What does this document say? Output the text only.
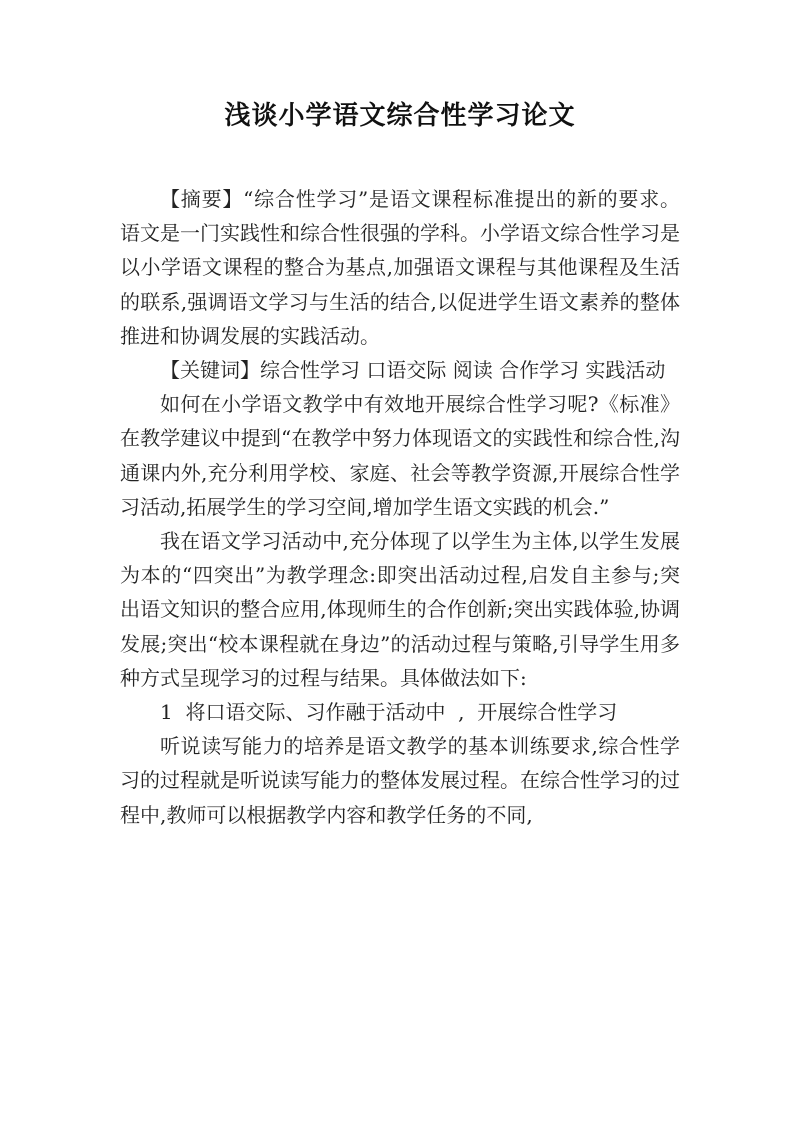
浅谈小学语文综合性学习论文

【摘要】“综合性学习”是语文课程标准提出的新的要求。语文是一门实践性和综合性很强的学科。小学语文综合性学习是以小学语文课程的整合为基点,加强语文课程与其他课程及生活的联系,强调语文学习与生活的结合,以促进学生语文素养的整体推进和协调发展的实践活动。

【关键词】综合性学习 口语交际 阅读 合作学习 实践活动

如何在小学语文教学中有效地开展综合性学习呢?《标准》在教学建议中提到“在教学中努力体现语文的实践性和综合性,沟通课内外,充分利用学校、家庭、社会等教学资源,开展综合性学习活动,拓展学生的学习空间,增加学生语文实践的机会.”

我在语文学习活动中,充分体现了以学生为主体,以学生发展为本的“四突出”为教学理念:即突出活动过程,启发自主参与;突出语文知识的整合应用,体现师生的合作创新;突出实践体验,协调发展;突出“校本课程就在身边”的活动过程与策略,引导学生用多种方式呈现学习的过程与结果。具体做法如下:

1  将口语交际、习作融于活动中  ,  开展综合性学习

听说读写能力的培养是语文教学的基本训练要求,综合性学习的过程就是听说读写能力的整体发展过程。在综合性学习的过程中,教师可以根据教学内容和教学任务的不同,
